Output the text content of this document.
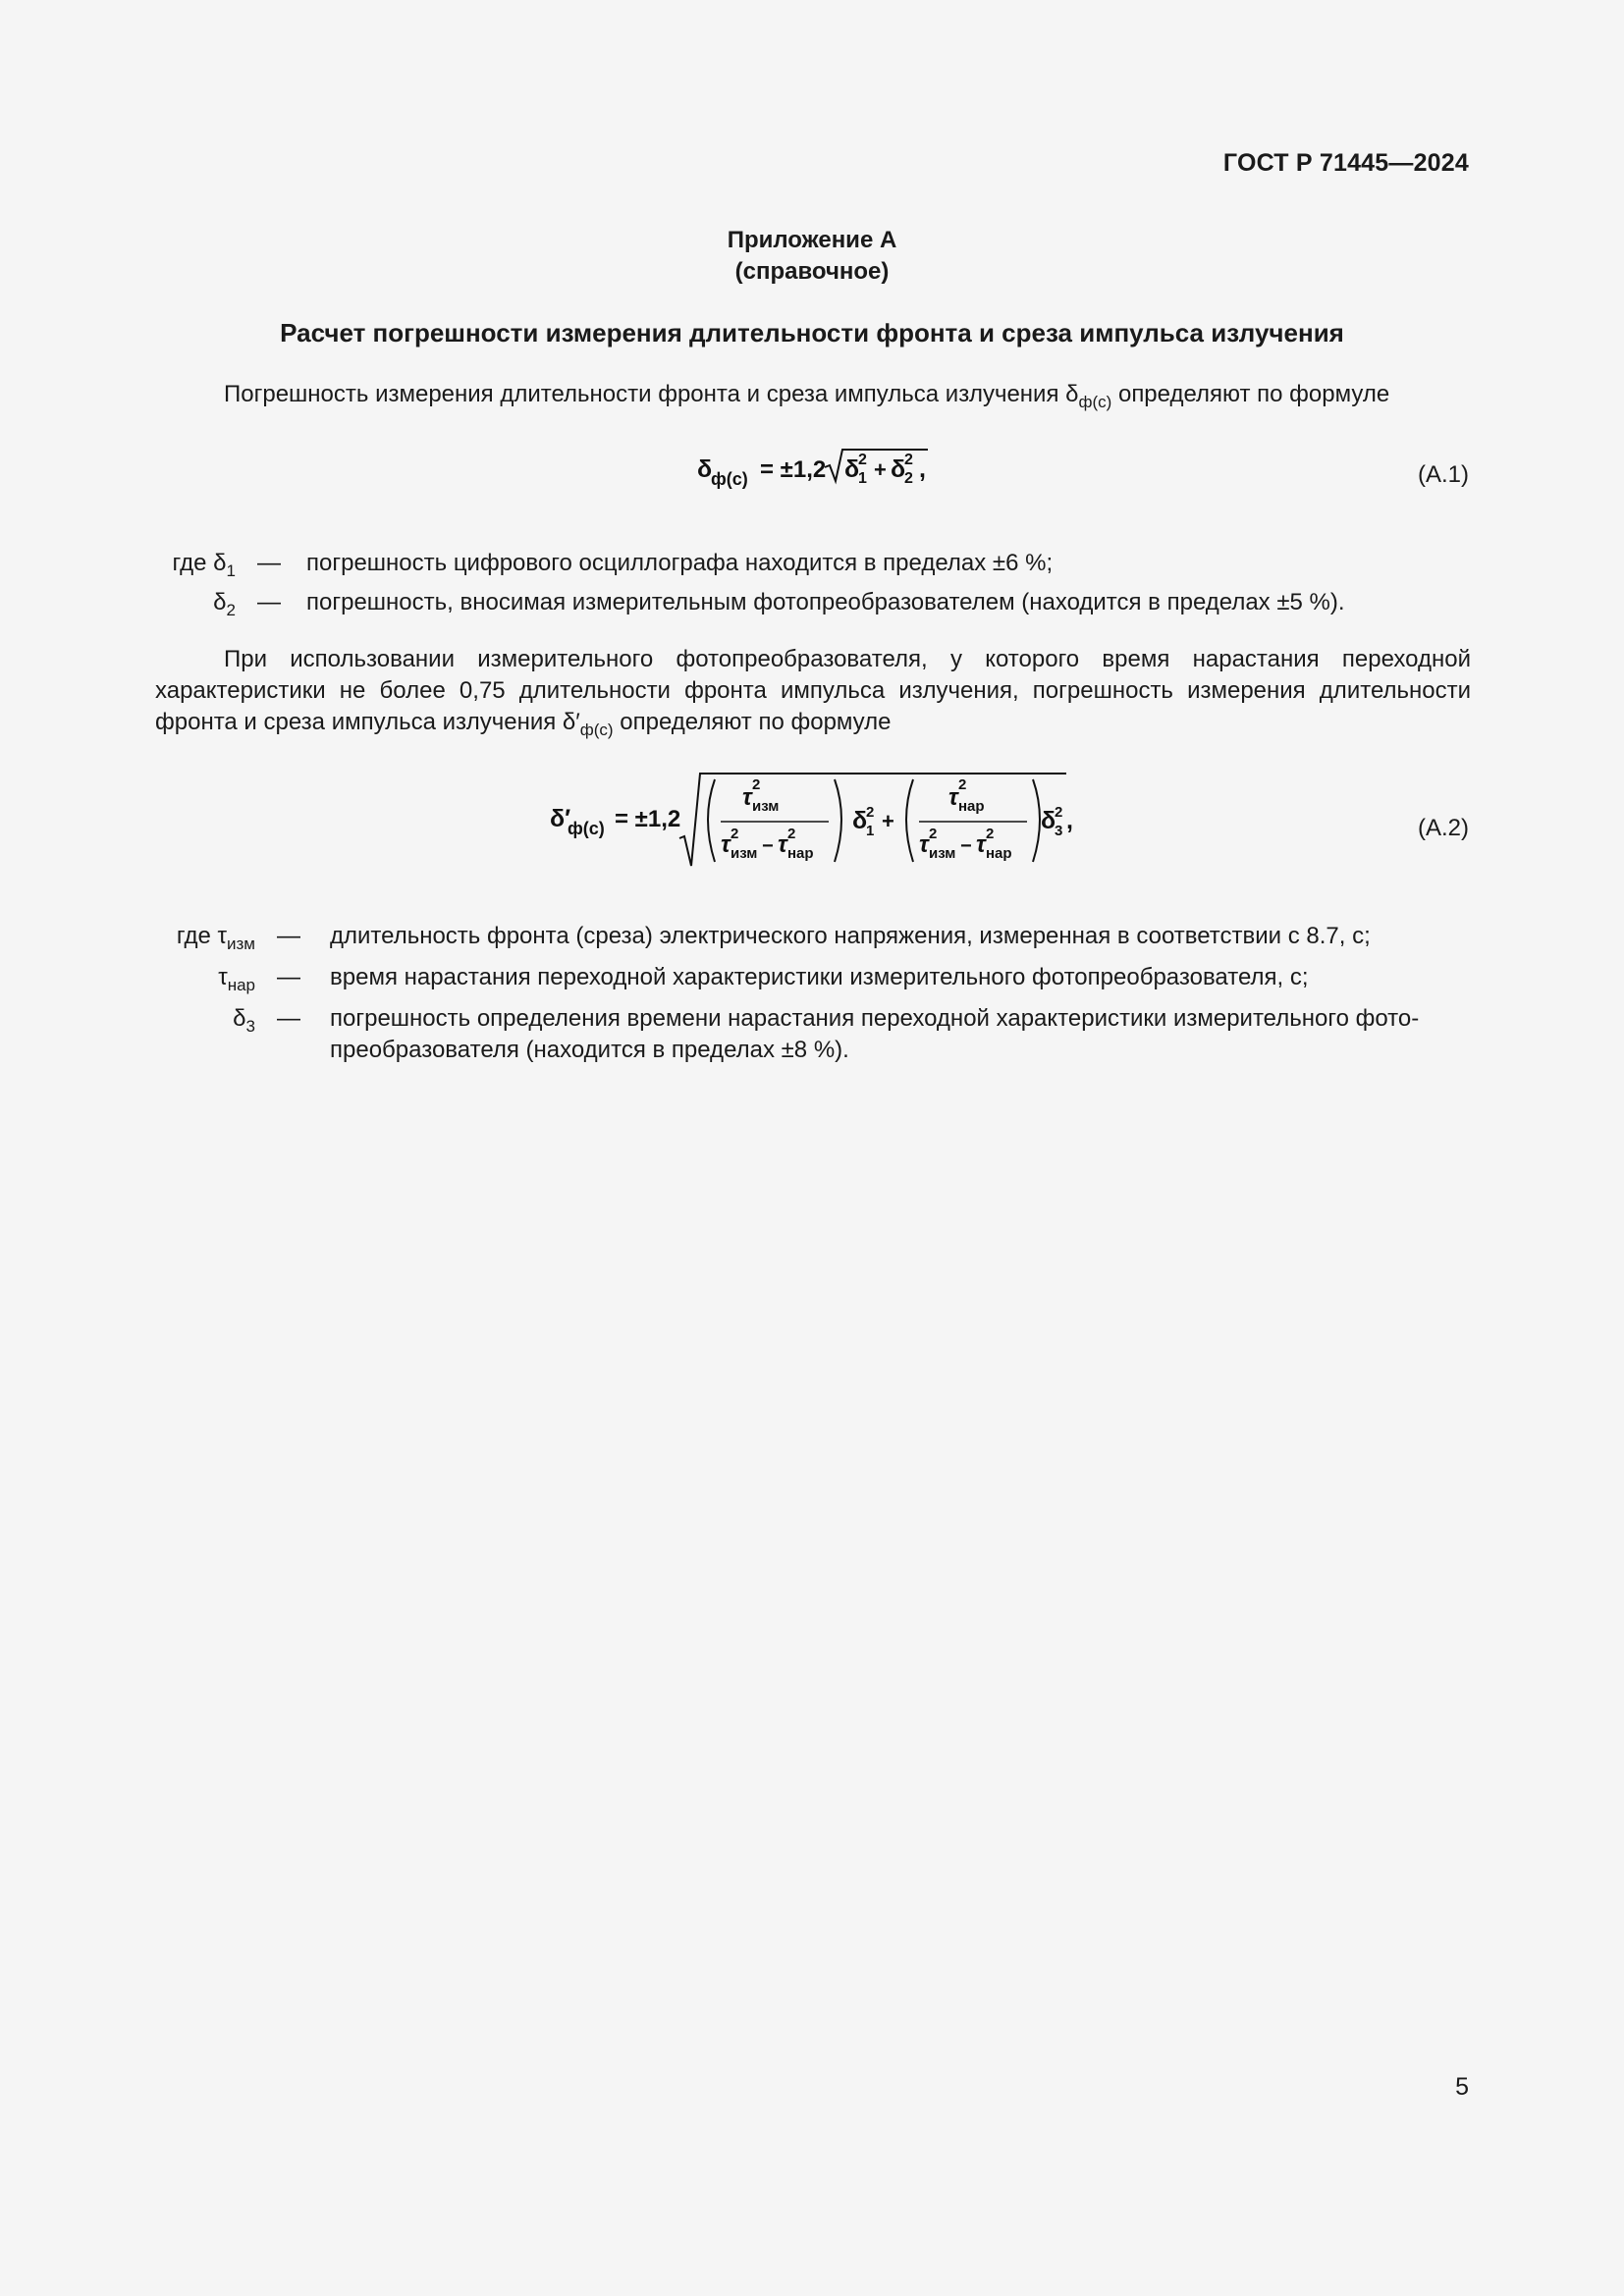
ГОСТ Р 71445—2024
Приложение А
(справочное)
Расчет погрешности измерения длительности фронта и среза импульса излучения
Погрешность измерения длительности фронта и среза импульса излучения $\delta_{ф(с)}$ определяют по формуле
δ
ф(с) = ±1,2 δ
1
2 + δ
2
2 ,	(А.1)
где $\delta_1$ — погрешность цифрового осциллографа находится в пределах ±6 %;
$\delta_2$ — погрешность, вносимая измерительным фотопреобразователем (находится в пределах ±5 %).
При использовании измерительного фотопреобразователя, у которого время нарастания переходной характеристики не более 0,75 длительности фронта импульса излучения, погрешность измерения длительности фронта и среза импульса излучения $\delta'_{ф(с)}$ определяют по формуле
δ′
ф(с) = ±1,2
τ 2
изм
τ 2
изм − τ 2
нар
δ
1
2 +
τ 2
нар
τ 2
изм − τ 2
нар
δ
3
2 ,	(А.2)
где $\tau_{изм}$ — длительность фронта (среза) электрического напряжения, измеренная в соответствии с 8.7, с;
$\tau_{нар}$ — время нарастания переходной характеристики измерительного фотопреобразователя, с;
$\delta_3$ — погрешность определения времени нарастания переходной характеристики измерительного фото-
преобразователя (находится в пределах ±8 %).
5
